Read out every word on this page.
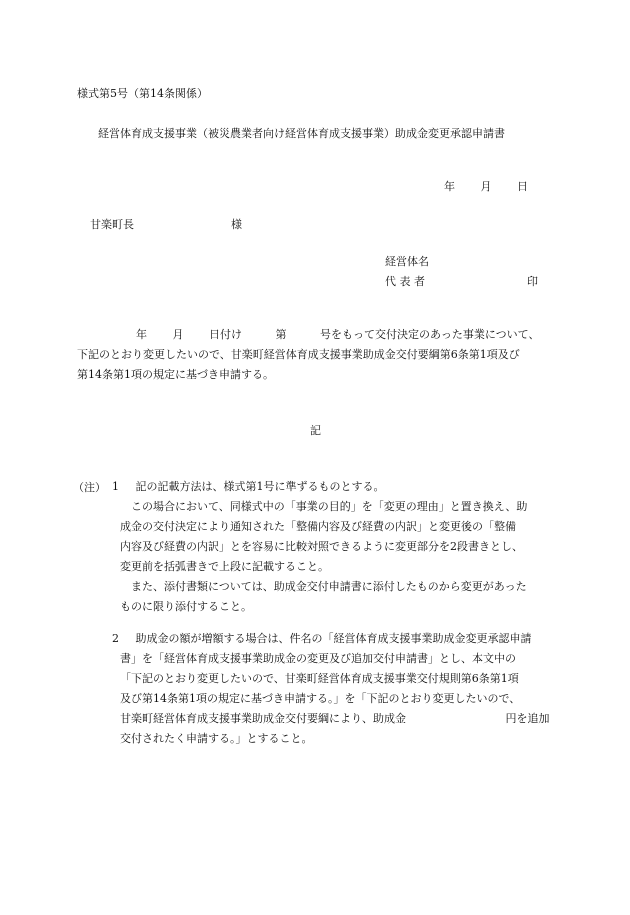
様式第5号（第14条関係）
経営体育成支援事業（被災農業者向け経営体育成支援事業）助成金変更承認申請書
年 月 日
甘楽町長	様
経営体名
代 表 者	印
年 月 日付け	第	号をもって交付決定のあった事業について、
下記のとおり変更したいので、甘楽町経営体育成支援事業助成金交付要綱第6条第1項及び
第14条第1項の規定に基づき申請する。
記
（注） 1 記の記載方法は、様式第1号に準ずるものとする。
この場合において、同様式中の「事業の目的」を「変更の理由」と置き換え、助
成金の交付決定により通知された「整備内容及び経費の内訳」と変更後の「整備
内容及び経費の内訳」とを容易に比較対照できるように変更部分を2段書きとし、
変更前を括弧書きで上段に記載すること。
また、添付書類については、助成金交付申請書に添付したものから変更があった
ものに限り添付すること。
2 助成金の額が増額する場合は、件名の「経営体育成支援事業助成金変更承認申請
書」を「経営体育成支援事業助成金の変更及び追加交付申請書」とし、本文中の
「下記のとおり変更したいので、甘楽町経営体育成支援事業交付規則第6条第1項
及び第14条第1項の規定に基づき申請する。」を「下記のとおり変更したいので、
甘楽町経営体育成支援事業助成金交付要綱により、助成金	円を追加
交付されたく申請する。」とすること。
